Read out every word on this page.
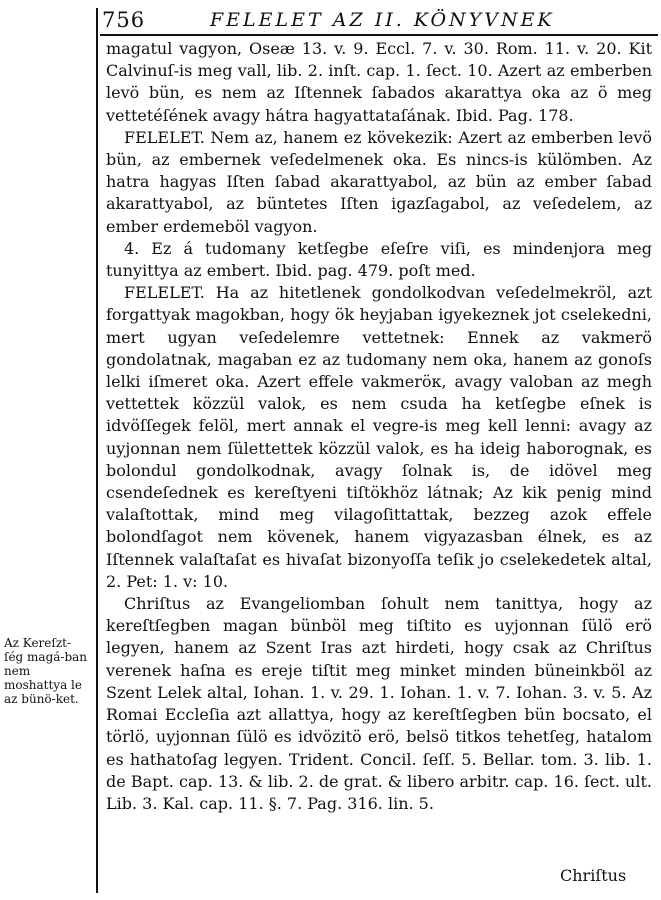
756	FELELET AZ II. KÖNYVNEK
Az Kereſzt-ſég magá-ban nem moshattya le az bünö-ket.

magatul vagyon, Oseæ 13. v. 9. Eccl. 7. v. 30. Rom. 11. v. 20. Kit Calvinuſ-is meg vall, lib. 2. inſt. cap. 1. ſect. 10. Azert az emberben levö bün, es nem az Iſtennek ſabados akarattya oka az ö meg vettetéſének avagy hátra hagyattataſának. Ibid. Pag. 178.

FELELET. Nem az, hanem ez kövekezik: Azert az emberben levö bün, az embernek veſedelmenek oka. Es nincs-is külömben. Az hatra hagyas Iſten ſabad akarattyabol, az bün az ember ſabad akarattyabol, az büntetes Iſten igazſagabol, az veſedelem, az ember erdemeböl vagyon.

4. Ez á tudomany ketſegbe eſeſre viſi, es mindenjora meg tunyittya az embert. Ibid. pag. 479. poſt med.

FELELET. Ha az hitetlenek gondolkodvan veſedelmekröl, azt forgattyak magokban, hogy ök heyjaban igyekeznek jot cselekedni, mert ugyan veſedelemre vettetnek: Ennek az vakmerö gondolatnak, magaban ez az tudomany nem oka, hanem az gonoſs lelki iſmeret oka. Azert effele vakmeröк, avagy valoban az megh vettettek közzül valok, es nem csuda ha ketſegbe eſnek is idvöſſegek felöl, mert annak el vegre-is meg kell lenni: avagy az uyjonnan nem ſülettettek közzül valok, es ha ideig haborognak, es bolondul gondolkodnak, avagy ſolnak is, de idövel meg csendeſednek es kereſtyeni tiſtökhöz látnak; Az kik penig mind valaſtottak, mind meg vilagoſittattak, bezzeg azok effele bolondſagot nem kövenek, hanem vigyazasban élnek, es az Iſtennek valaſtaſat es hivaſat bizonyoſſa teſik jo cselekedetek altal, 2. Pet: 1. v: 10.

Chriſtus az Evangeliomban ſohult nem tanittya, hogy az kereſtſegben magan bünböl meg tiſtito es uyjonnan ſülö erö legyen, hanem az Szent Iras azt hirdeti, hogy csak az Chriſtus verenek haſna es ereje tiſtit meg minket minden büneinkböl az Szent Lelek altal, Iohan. 1. v. 29. 1. Iohan. 1. v. 7. Iohan. 3. v. 5. Az Romai Eccleſia azt allattya, hogy az kereſtſegben bün bocsato, el törlö, uyjonnan ſülö es idvözitö erö, belsö titkos tehetſeg, hatalom es hathatoſag legyen. Trident. Concil. ſeſſ. 5. Bellar. tom. 3. lib. 1. de Bapt. cap. 13. & lib. 2. de grat. & libero arbitr. cap. 16. ſect. ult. Lib. 3. Kal. cap. 11. §. 7. Pag. 316. lin. 5.

Chriſtus
